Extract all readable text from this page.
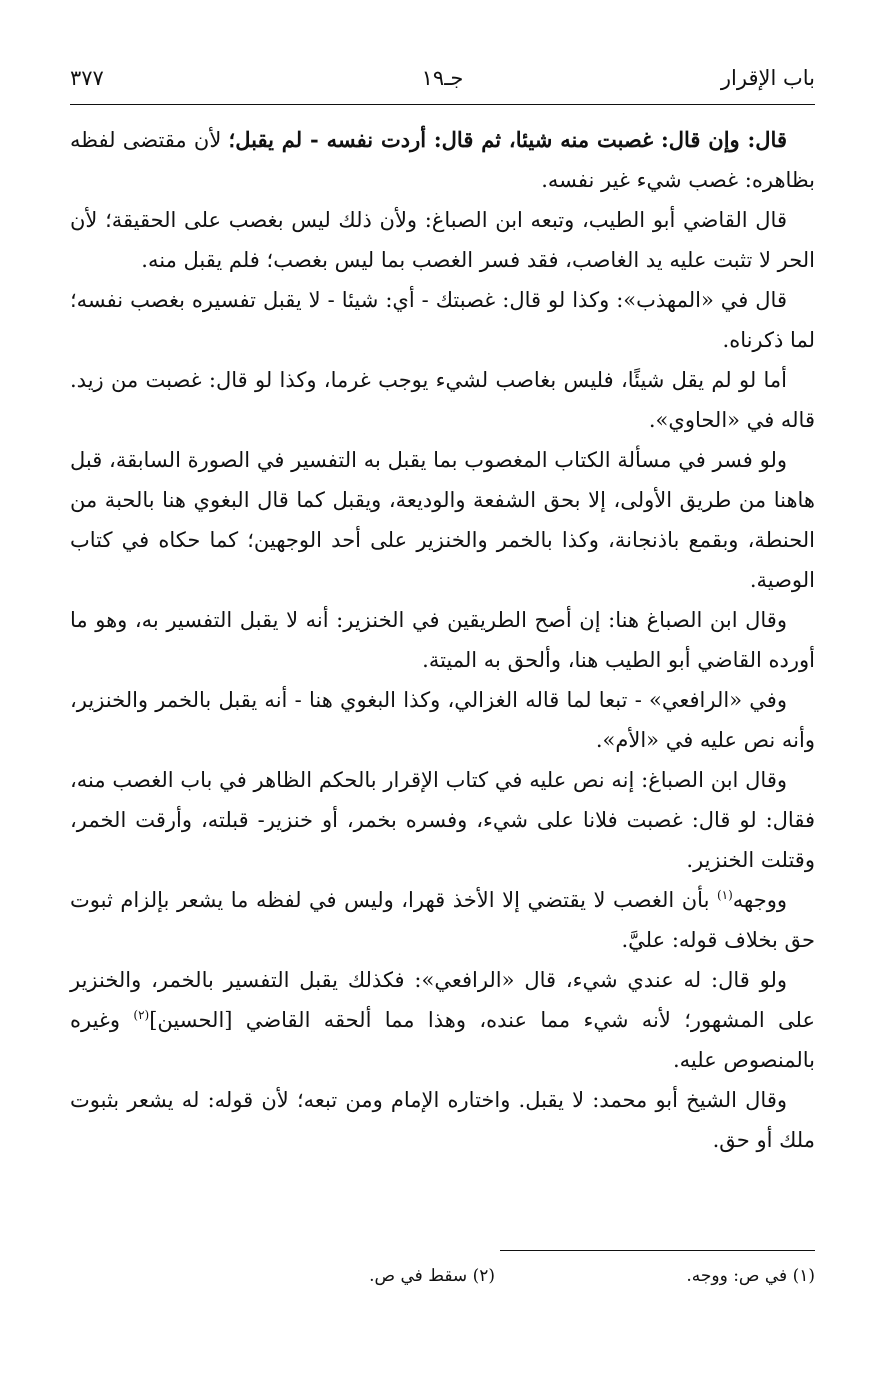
باب الإقرار
جـ١٩
٣٧٧

قال: وإن قال: غصبت منه شيئا، ثم قال: أردت نفسه - لم يقبل؛ لأن مقتضى لفظه بظاهره: غصب شيء غير نفسه.

قال القاضي أبو الطيب، وتبعه ابن الصباغ: ولأن ذلك ليس بغصب على الحقيقة؛ لأن الحر لا تثبت عليه يد الغاصب، فقد فسر الغصب بما ليس بغصب؛ فلم يقبل منه.

قال في «المهذب»: وكذا لو قال: غصبتك - أي: شيئا - لا يقبل تفسيره بغصب نفسه؛ لما ذكرناه.

أما لو لم يقل شيئًا، فليس بغاصب لشيء يوجب غرما، وكذا لو قال: غصبت من زيد. قاله في «الحاوي».

ولو فسر في مسألة الكتاب المغصوب بما يقبل به التفسير في الصورة السابقة، قبل هاهنا من طريق الأولى، إلا بحق الشفعة والوديعة، ويقبل كما قال البغوي هنا بالحبة من الحنطة، وبقمع باذنجانة، وكذا بالخمر والخنزير على أحد الوجهين؛ كما حكاه في كتاب الوصية.

وقال ابن الصباغ هنا: إن أصح الطريقين في الخنزير: أنه لا يقبل التفسير به، وهو ما أورده القاضي أبو الطيب هنا، وألحق به الميتة.

وفي «الرافعي» - تبعا لما قاله الغزالي، وكذا البغوي هنا - أنه يقبل بالخمر والخنزير، وأنه نص عليه في «الأم».

وقال ابن الصباغ: إنه نص عليه في كتاب الإقرار بالحكم الظاهر في باب الغصب منه، فقال: لو قال: غصبت فلانا على شيء، وفسره بخمر، أو خنزير- قبلته، وأرقت الخمر، وقتلت الخنزير.

ووجهه$^{(١)}$ بأن الغصب لا يقتضي إلا الأخذ قهرا، وليس في لفظه ما يشعر بإلزام ثبوت حق بخلاف قوله: عليَّ.

ولو قال: له عندي شيء، قال «الرافعي»: فكذلك يقبل التفسير بالخمر، والخنزير على المشهور؛ لأنه شيء مما عنده، وهذا مما ألحقه القاضي [الحسين]$^{(٢)}$ وغيره بالمنصوص عليه.

وقال الشيخ أبو محمد: لا يقبل. واختاره الإمام ومن تبعه؛ لأن قوله: له يشعر بثبوت ملك أو حق.

(١) في ص: ووجه.
(٢) سقط في ص.
